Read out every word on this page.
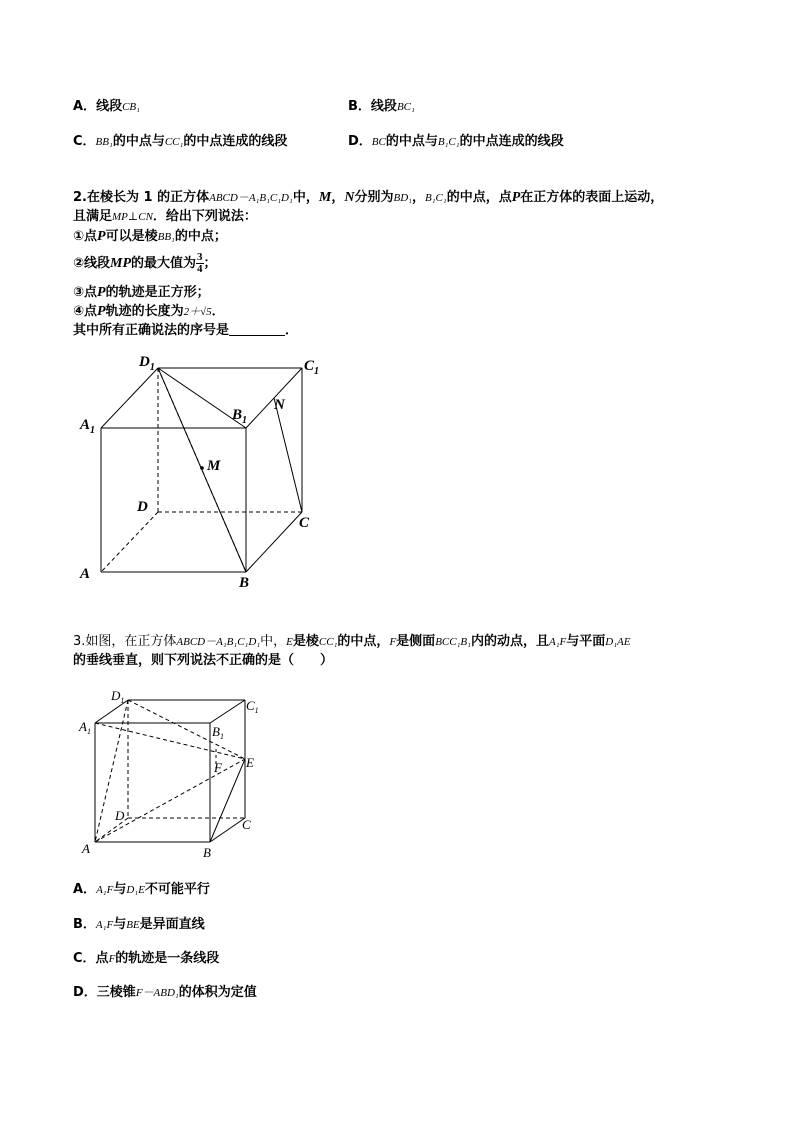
A．线段CB₁	B．线段BC₁
C．BB₁的中点与CC₁的中点连成的线段	D．BC的中点与B₁C₁的中点连成的线段
2.在棱长为 1 的正方体ABCD－A₁B₁C₁D₁中，M，N分别为BD₁，B₁C₁的中点，点P在正方体的表面上运动，
且满足MP⊥CN．给出下列说法：
①点P可以是棱BB₁的中点；
②线段MP的最大值为 $\frac{3}{4}$ ；
③点P的轨迹是正方形；
④点P轨迹的长度为2＋√5．
其中所有正确说法的序号是	．
$D_1$	$C_1$
$A_1$
$B_1$
N
M
D
C
A
B
3.如图，在正方体ABCD－A₁B₁C₁D₁中，E是棱CC₁的中点，F是侧面BCC₁B₁内的动点，且A₁F与平面D₁AE
的垂线垂直，则下列说法不正确的是（　　）
$D_1$	$C_1$
$A_1$	$B_1$
F E
D
C
A	B
A．A₁F与D₁E不可能平行
B．A₁F与BE是异面直线
C．点F的轨迹是一条线段
D．三棱锥F－ABD₁的体积为定值
